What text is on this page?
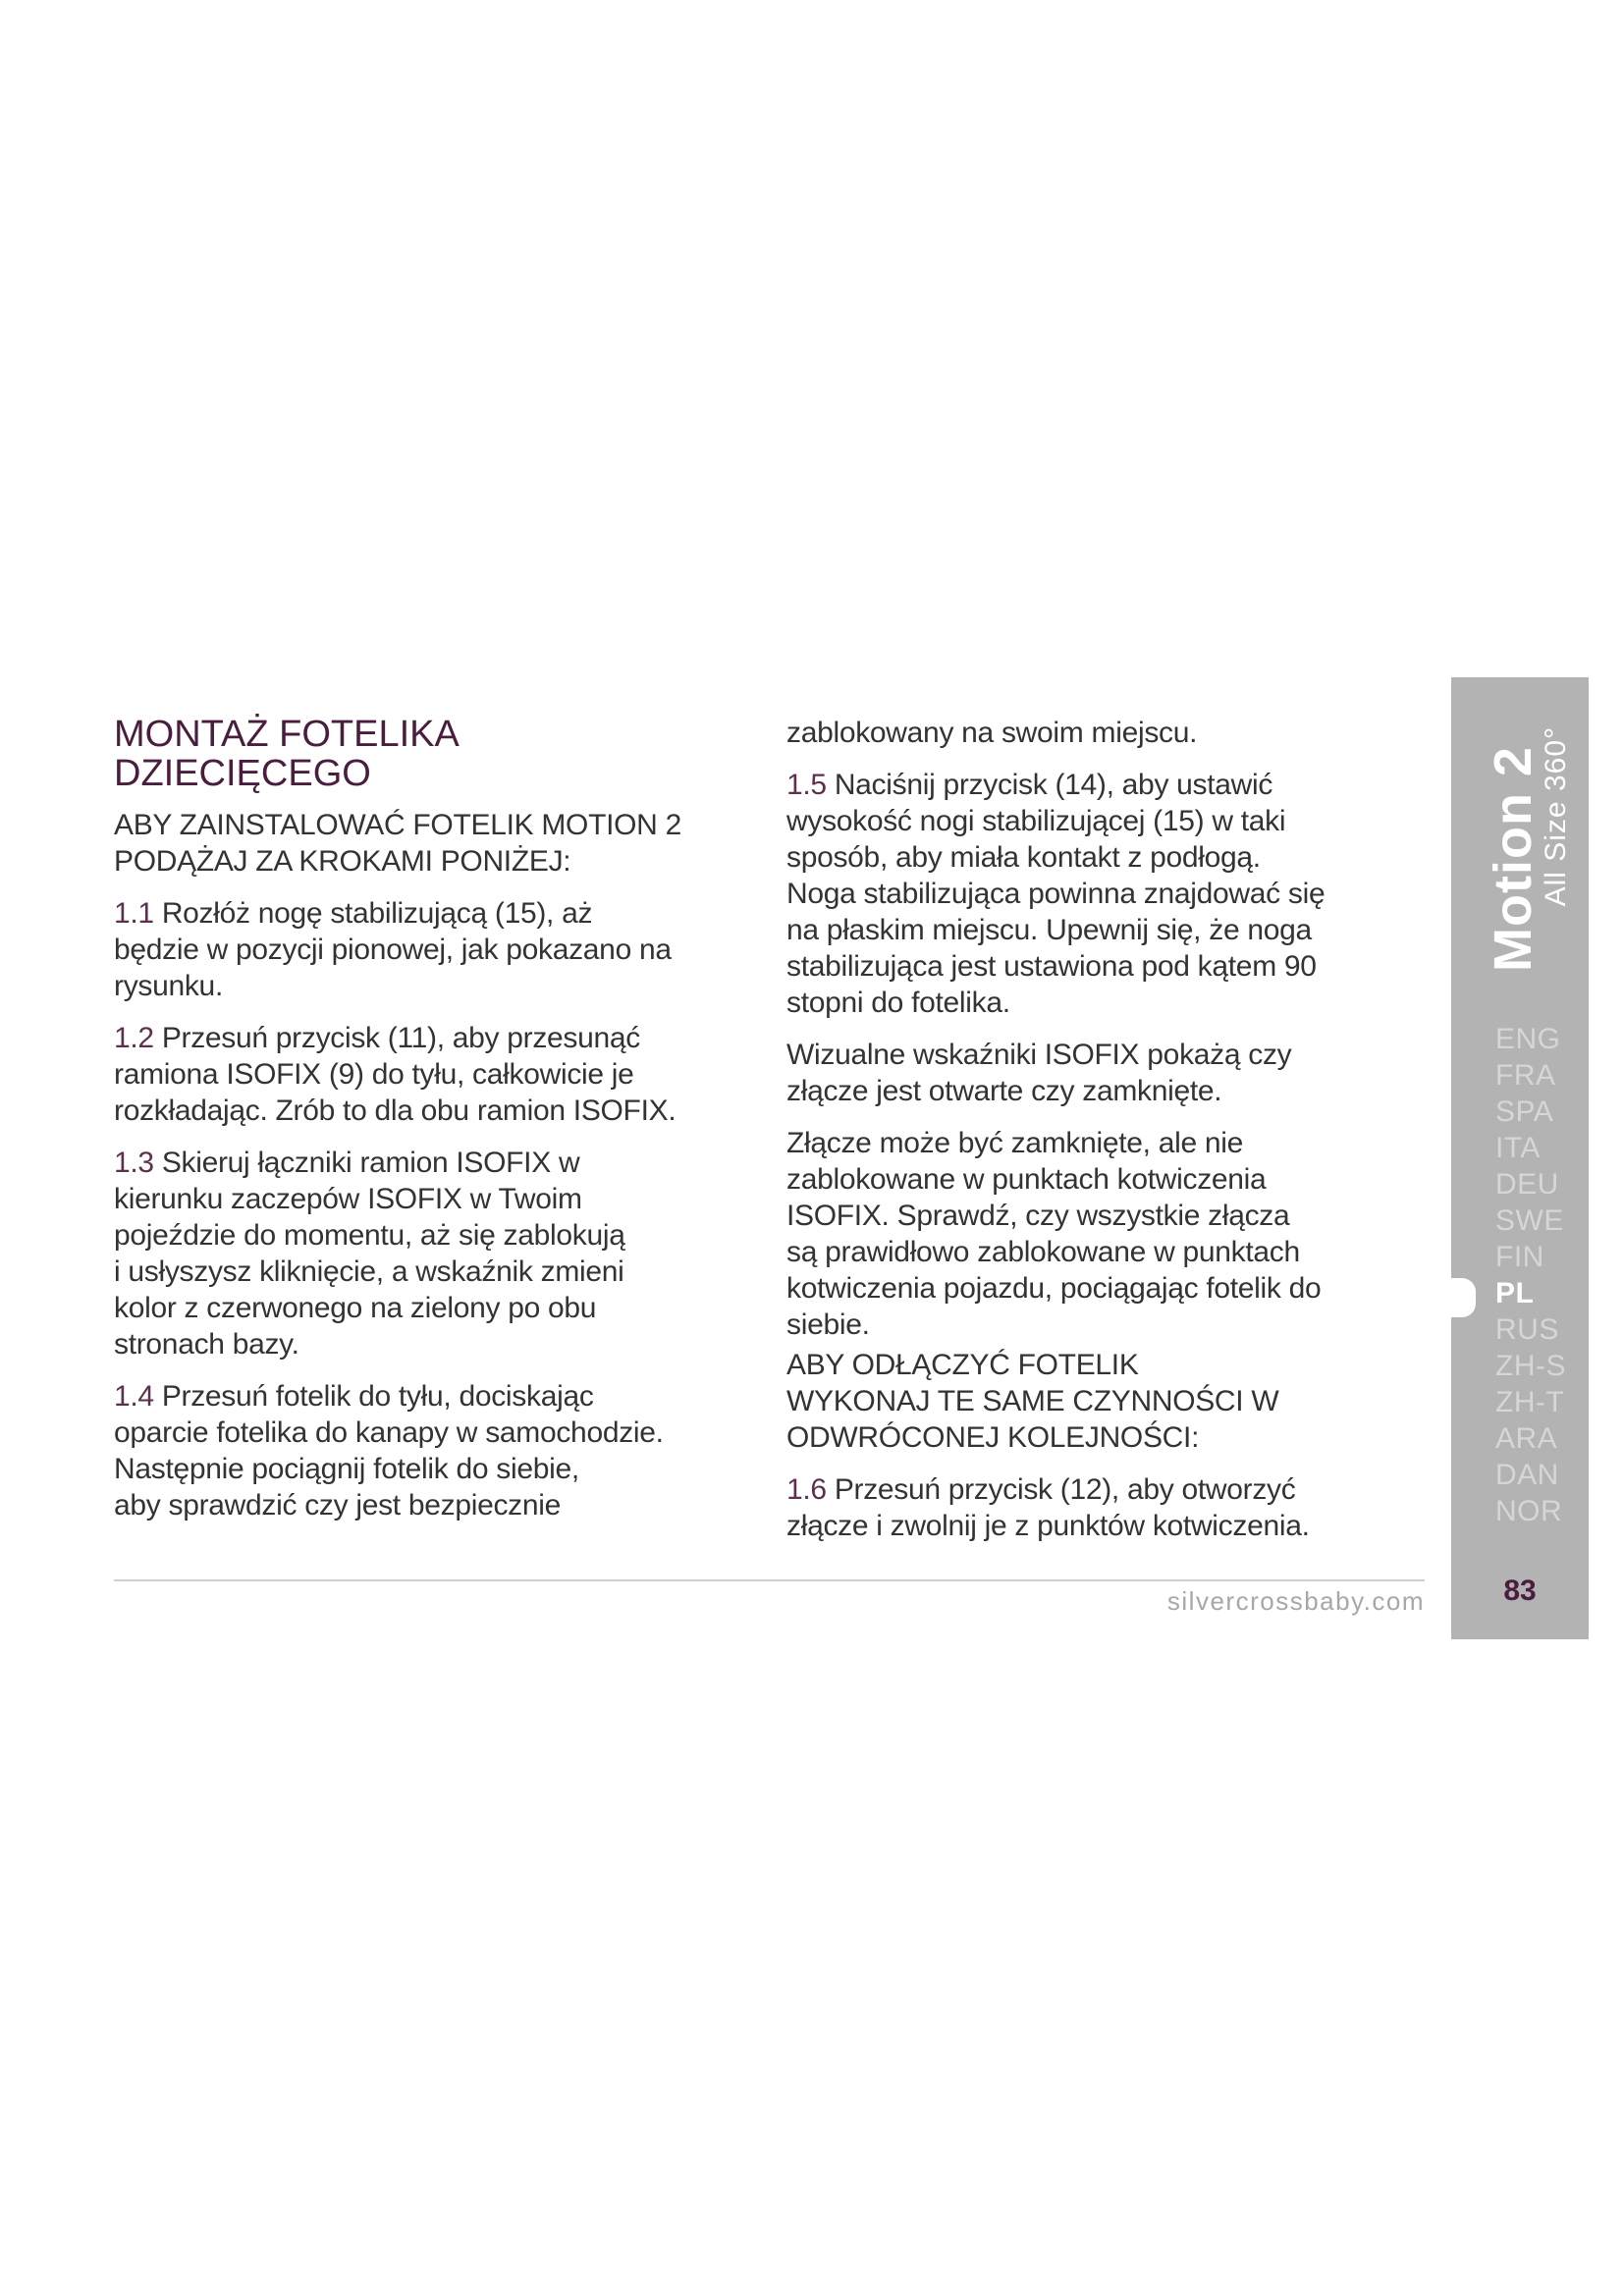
MONTAŻ FOTELIKA
DZIECIĘCEGO
ABY ZAINSTALOWAĆ FOTELIK MOTION 2
PODĄŻAJ ZA KROKAMI PONIŻEJ:
1.1 Rozłóż nogę stabilizującą (15), aż
będzie w pozycji pionowej, jak pokazano na
rysunku.
1.2 Przesuń przycisk (11), aby przesunąć
ramiona ISOFIX (9) do tyłu, całkowicie je
rozkładając. Zrób to dla obu ramion ISOFIX.
1.3 Skieruj łączniki ramion ISOFIX w
kierunku zaczepów ISOFIX w Twoim
pojeździe do momentu, aż się zablokują
i usłyszysz kliknięcie, a wskaźnik zmieni
kolor z czerwonego na zielony po obu
stronach bazy.
1.4 Przesuń fotelik do tyłu, dociskając
oparcie fotelika do kanapy w samochodzie.
Następnie pociągnij fotelik do siebie,
aby sprawdzić czy jest bezpiecznie
zablokowany na swoim miejscu.
1.5 Naciśnij przycisk (14), aby ustawić
wysokość nogi stabilizującej (15) w taki
sposób, aby miała kontakt z podłogą.
Noga stabilizująca powinna znajdować się
na płaskim miejscu. Upewnij się, że noga
stabilizująca jest ustawiona pod kątem 90
stopni do fotelika.
Wizualne wskaźniki ISOFIX pokażą czy
złącze jest otwarte czy zamknięte.
Złącze może być zamknięte, ale nie
zablokowane w punktach kotwiczenia
ISOFIX. Sprawdź, czy wszystkie złącza
są prawidłowo zablokowane w punktach
kotwiczenia pojazdu, pociągając fotelik do
siebie.
ABY ODŁĄCZYĆ FOTELIK
WYKONAJ TE SAME CZYNNOŚCI W
ODWRÓCONEJ KOLEJNOŚCI:
1.6 Przesuń przycisk (12), aby otworzyć
złącze i zwolnij je z punktów kotwiczenia.
silvercrossbaby.com
Motion 2
All Size 360°
ENG
FRA
SPA
ITA
DEU
SWE
FIN
PL
RUS
ZH-S
ZH-T
ARA
DAN
NOR
83
